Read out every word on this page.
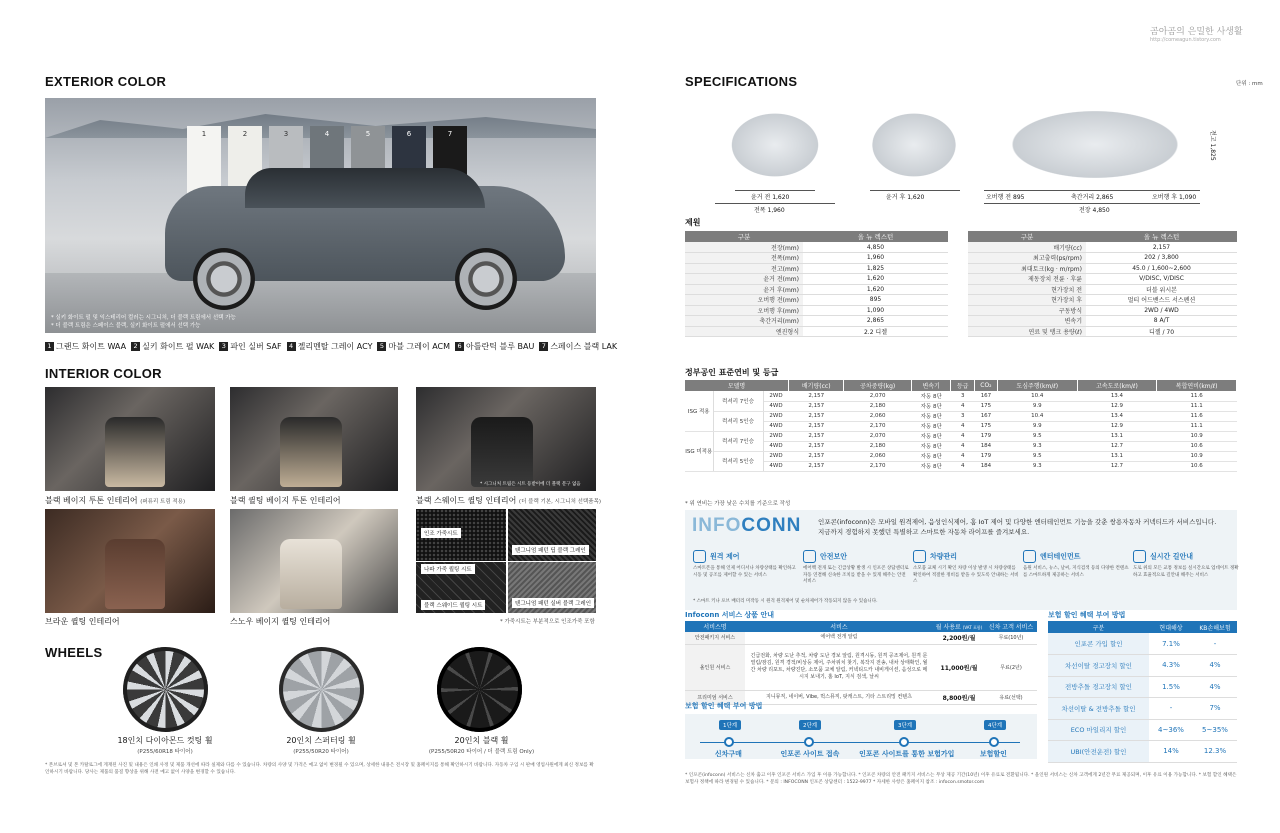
곰아곰의 은밀한 사생활
http://comeagun.tistory.com
EXTERIOR COLOR
1	2	3	4	5	6	7
* 실키 화이트 펄 및 익스테리어 컬러는 시그니처, 더 블랙 트림에서 선택 가능
* 더 블랙 트림은 스페이스 블랙, 실키 화이트 펄에서 선택 가능
1 그랜드 화이트 WAA 2 실키 화이트 펄 WAK 3 파인 실버 SAF 4 젤리멘탈 그레이 ACY 5 마블 그레이 ACM 6 아틀란틱 블루 BAU 7 스페이스 블랙 LAK
INTERIOR COLOR
블랙 베이지 투톤 인테리어 (퍼퓨리 트림 적용)	블랙 퀼팅 베이지 투톤 인테리어
* 시그니처 트림은 시트 등받이에 더 블랙 문구 없음
블랙 스웨이드 퀼팅 인테리어 (더 블랙 기본, 시그니처 선택품목)
브라운 퀼팅 인테리어	스노우 베이지 퀼팅 인테리어
인조 가죽시트
텐그니엄 패턴 딥 블랙 그레인
나파 가죽 퀼팅 시트
블랙 스웨이드 퀼팅 시트	텐그니엄 패턴 실버 블랙 그레인
* 가죽시트는 부분적으로 인조가죽 포함
WHEELS
18인치 다이아몬드 컷팅 휠
(P255/60R18 타이어)
20인치 스퍼터링 휠
(P255/50R20 타이어)
20인치 블랙 휠
(P255/50R20 타이어 / 더 블랙 트림 Only)
* 본브로셔 및 본 카탈로그에 게재된 사진 및 내용은 인쇄 사정 및 제품 개선에 따라 실제와 다를 수 있습니다. 차량의 사양 및 가격은 예고 없이 변경될 수 있으며, 상세한 내용은 전시장 및 홈페이지를 통해 확인하시기 바랍니다. 자동차 구입 시 판매 영업사원에게 최신 정보를 확인하시기 바랍니다. 당사는 제품의 품질 향상을 위해 사전 예고 없이 사양을 변경할 수 있습니다.
SPECIFICATIONS	단위 : mm
윤거 전 1,620
전폭 1,960
윤거 후 1,620	오버행 전 895	축간거리 2,865	오버행 후 1,090
전장 4,850
전고 1,825
제원
구분	올 뉴 렉스턴
전장(mm)	4,850
전폭(mm)	1,960
전고(mm)	1,825
윤거 전(mm)	1,620
윤거 후(mm)	1,620
오버행 전(mm)	895
오버행 후(mm)	1,090
축간거리(mm)	2,865
엔진형식	2.2 디젤
구분	올 뉴 렉스턴
배기량(cc)	2,157
최고출력(ps/rpm)	202 / 3,800
최대토크(kg · m/rpm)	45.0 / 1,600~2,600
제동장치 전륜 · 후륜	V/DISC, V/DISC
현가장치 전	더블 위시본
현가장치 후	멀티 어드밴스드 서스펜션
구동방식	2WD / 4WD
변속기	8 A/T
연료 및 탱크 용량(ℓ)	디젤 / 70
정부공인 표준연비 및 등급
모델명			배기량(cc)	공차중량(kg)	변속기	등급	CO₂	도심주행(km/ℓ)	고속도로(km/ℓ)	복합연비(km/ℓ)
ISG 적용	럭셔리 7인승	2WD	2,157	2,070	자동 8단	3	167	10.4	13.4	11.6
		4WD	2,157	2,180	자동 8단	4	175	9.9	12.9	11.1
	럭셔리 5인승	2WD	2,157	2,060	자동 8단	3	167	10.4	13.4	11.6
		4WD	2,157	2,170	자동 8단	4	175	9.9	12.9	11.1
ISG 미적용	럭셔리 7인승	2WD	2,157	2,070	자동 8단	4	179	9.5	13.1	10.9
		4WD	2,157	2,180	자동 8단	4	184	9.3	12.7	10.6
	럭셔리 5인승	2WD	2,157	2,060	자동 8단	4	179	9.5	13.1	10.9
		4WD	2,157	2,170	자동 8단	4	184	9.3	12.7	10.6
* 위 연비는 가장 낮은 수치를 기준으로 작성
INFOCONN	인포콘(infoconn)은 모바일 원격제어, 음성인식제어, 홈 IoT 제어 및 다양한 엔터테인먼트 기능을 갖춘 쌍용자동차 커넥티드카 서비스입니다.
지금까지 경험하지 못했던 특별하고 스마트한 자동차 라이프를 즐겨보세요.
원격 제어
스마트폰을 통해 언제 어디서나 차량상태를 확인하고 시동 및 공조를 제어할 수 있는 서비스
안전보안
에어백 전개 또는 긴급상황 발생 시 인포콘 상담센터로 자동 연결해 신속한 조치를 받을 수 있게 해주는 안전 서비스
차량관리
소모품 교체 시기 확인 차량 이상 발생 시 차량상태를 확인하여 적절한 정비를 받을 수 있도록 안내하는 서비스
엔터테인먼트
음원 서비스, 뉴스, 날씨, 지식검색 등의 다양한 컨텐츠를 스마트하게 제공하는 서비스
실시간 길안내
도로 위의 모든 교통 정보를 실시간으로 업데이트 정확하고 효율적으로 길안내 해주는 서비스
* 스마트 키나 포브 배터리 미작동 시 원격 원격제어 및 순차제어가 작동되지 않을 수 있습니다.
Infoconn 서비스 상품 안내
서비스명	서비스	월 사용료 (VAT 포함)	신차 고객 서비스
안전패키지 서비스	에어백 전개 알림	2,200원/월	무료(10년)
올인원 서비스	긴급전화, 차량 도난 추적, 차량 도난 경보 알림, 원격시동, 원격 공조제어, 원격 문열림/잠김, 원격 경적/비상등 제어, 주차위치 찾기, 복작지 전송, 내차 상태확인, 월간 차량 리포트, 차량진단, 소모품 교체 알림, 커넥티드카 내비게이션, 음성으로 메시지 보내기, 홈 IoT, 지식 검색, 날씨	11,000원/월	무료(2년)
프리미엄 서비스	지니뮤직, 네이버, Vibe, 벅스뮤직, 팟캐스트, 기타 스트리밍 컨텐츠	8,800원/월	유료(선택)
보험 할인 혜택 부여 방법
1단계
신차구매
2단계
인포콘 사이트 접속
3단계
인포콘 사이트를 통한 보험가입
4단계
보험할인
보험 할인 혜택 부여 방법
구분	현대해상	KB손해보험
인포콘 가입 할인	7.1%	-
차선이탈 경고장치 할인	4.3%	4%
전방추돌 경고장치 할인	1.5%	4%
차선이탈 & 전방추돌 할인	-	7%
ECO 마일리지 할인	4~36%	5~35%
UBI(안전운전) 할인	14%	12.3%
* 인포콘(infoconn) 서비스는 신차 출고 이후 인포콘 서비스 가입 후 이용 가능합니다. * 인포콘 차량의 안전 패키지 서비스는 무상 제공 기간(10년) 이후 유료로 전환됩니다. * 올인원 서비스는 신차 고객에게 2년간 무료 제공되며, 이후 유료 이용 가능합니다. * 보험 할인 혜택은 보험사 정책에 따라 변경될 수 있습니다. * 문의 : INFOCONN 인포콘 상담센터 : 1522-9977 * 자세한 사항은 홈페이지 참조 : infocon.smotor.com
